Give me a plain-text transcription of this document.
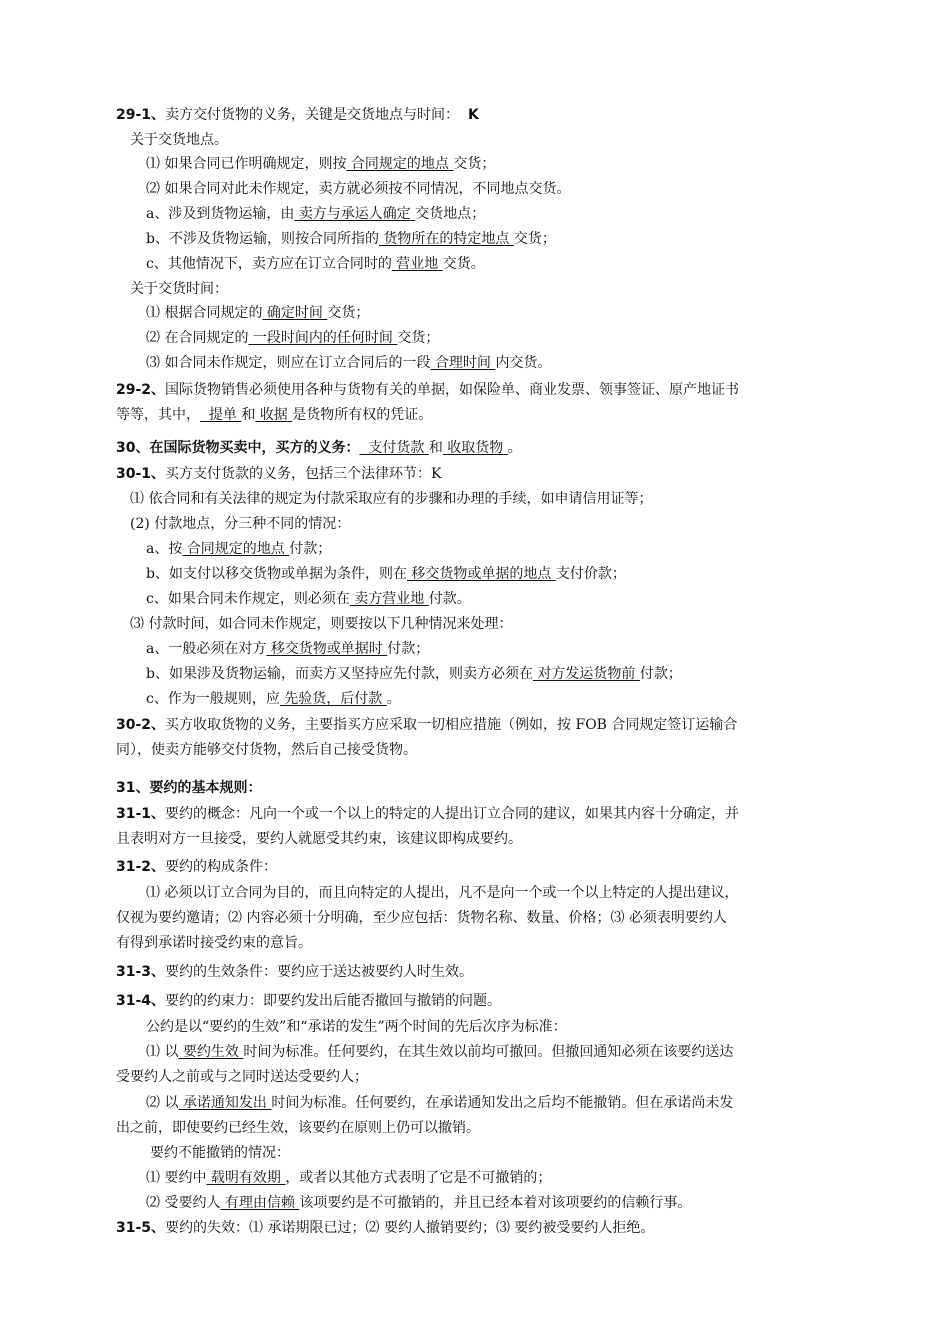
29-1、卖方交付货物的义务，关键是交货地点与时间： K
关于交货地点。
⑴ 如果合同已作明确规定，则按 合同规定的地点 交货；
⑵ 如果合同对此未作规定，卖方就必须按不同情况，不同地点交货。
a、涉及到货物运输，由 卖方与承运人确定 交货地点；
b、不涉及货物运输，则按合同所指的 货物所在的特定地点 交货；
c、其他情况下，卖方应在订立合同时的 营业地 交货。
关于交货时间：
⑴ 根据合同规定的 确定时间 交货；
⑵ 在合同规定的 一段时间内的任何时间 交货；
⑶ 如合同未作规定，则应在订立合同后的一段 合理时间 内交货。
29-2、国际货物销售必须使用各种与货物有关的单据，如保险单、商业发票、领事签证、原产地证书
等等，其中， 提单 和 收据 是货物所有权的凭证。
30、在国际货物买卖中，买方的义务： 支付货款 和 收取货物 。
30-1、买方支付货款的义务，包括三个法律环节：K
⑴ 依合同和有关法律的规定为付款采取应有的步骤和办理的手续，如申请信用证等；
(2) 付款地点，分三种不同的情况：
a、按 合同规定的地点 付款；
b、如支付以移交货物或单据为条件，则在 移交货物或单据的地点 支付价款；
c、如果合同未作规定，则必须在 卖方营业地 付款。
⑶ 付款时间，如合同未作规定，则要按以下几种情况来处理：
a、一般必须在对方 移交货物或单据时 付款；
b、如果涉及货物运输，而卖方又坚持应先付款，则卖方必须在 对方发运货物前 付款；
c、作为一般规则，应 先验货，后付款 。
30-2、买方收取货物的义务，主要指买方应采取一切相应措施（例如，按 FOB 合同规定签订运输合
同），使卖方能够交付货物，然后自己接受货物。
31、要约的基本规则：
31-1、要约的概念：凡向一个或一个以上的特定的人提出订立合同的建议，如果其内容十分确定，并
且表明对方一旦接受，要约人就愿受其约束，该建议即构成要约。
31-2、要约的构成条件：
⑴ 必须以订立合同为目的，而且向特定的人提出，凡不是向一个或一个以上特定的人提出建议，
仅视为要约邀请；⑵ 内容必须十分明确，至少应包括：货物名称、数量、价格；⑶ 必须表明要约人
有得到承诺时接受约束的意旨。
31-3、要约的生效条件：要约应于送达被要约人时生效。
31-4、要约的约束力：即要约发出后能否撤回与撤销的问题。
公约是以“要约的生效”和“承诺的发生”两个时间的先后次序为标准：
⑴ 以 要约生效 时间为标准。任何要约，在其生效以前均可撤回。但撤回通知必须在该要约送达
受要约人之前或与之同时送达受要约人；
⑵ 以 承诺通知发出 时间为标准。任何要约，在承诺通知发出之后均不能撤销。但在承诺尚未发
出之前，即使要约已经生效，该要约在原则上仍可以撤销。
要约不能撤销的情况：
⑴ 要约中 载明有效期 ，或者以其他方式表明了它是不可撤销的；
⑵ 受要约人 有理由信赖 该项要约是不可撤销的，并且已经本着对该项要约的信赖行事。
31-5、要约的失效：⑴ 承诺期限已过；⑵ 要约人撤销要约；⑶ 要约被受要约人拒绝。
